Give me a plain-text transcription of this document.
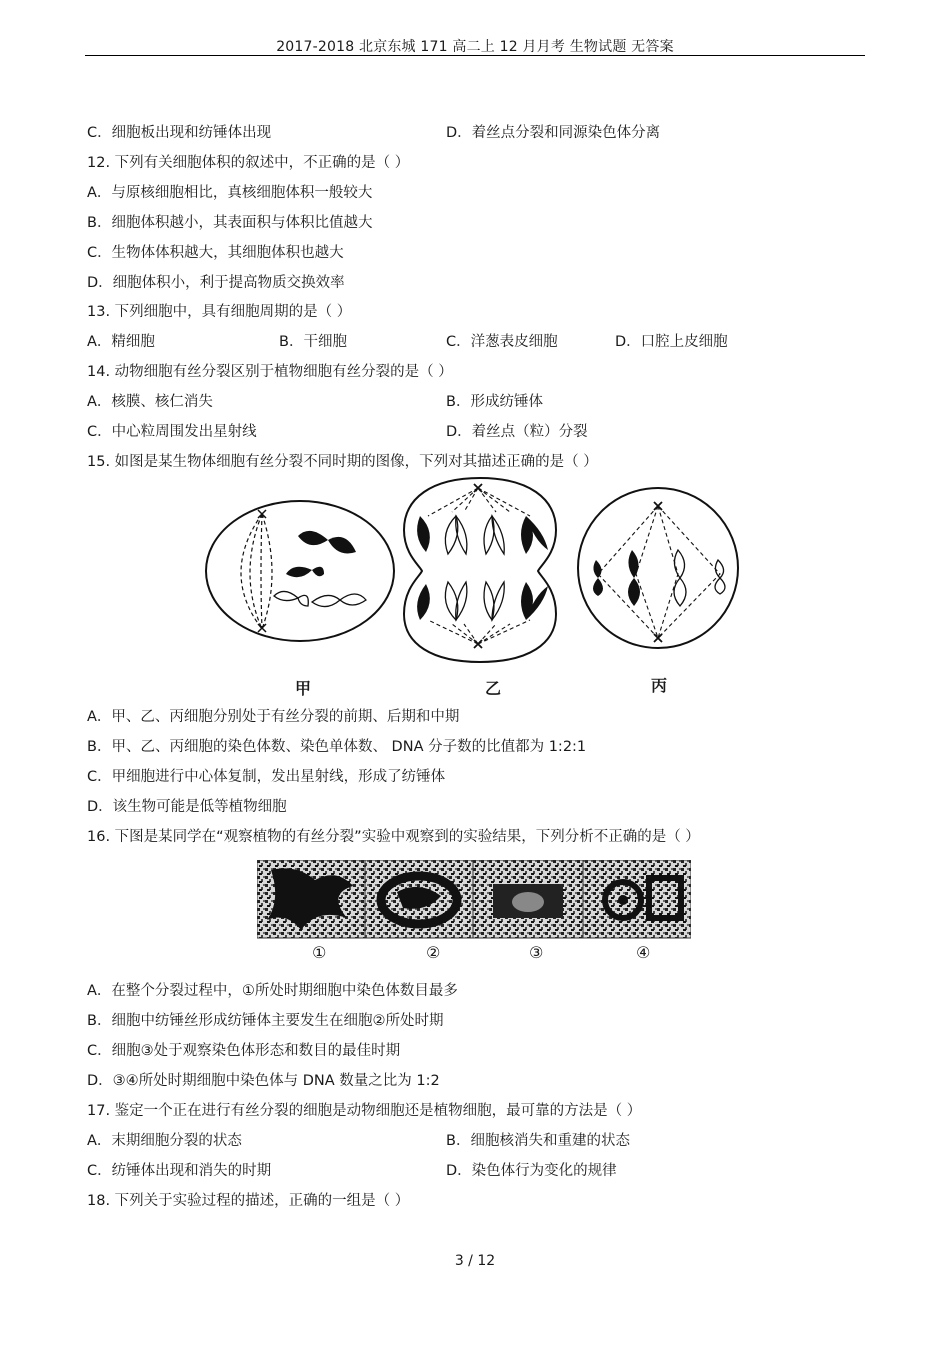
2017-2018 北京东城 171 高二上 12 月月考 生物试题 无答案
C．细胞板出现和纺锤体出现	D．着丝点分裂和同源染色体分离
12. 下列有关细胞体积的叙述中，不正确的是（ ）
A．与原核细胞相比，真核细胞体积一般较大
B．细胞体积越小，其表面积与体积比值越大
C．生物体体积越大，其细胞体积也越大
D．细胞体积小，利于提高物质交换效率
13. 下列细胞中，具有细胞周期的是（ ）
A．精细胞	B．干细胞	C．洋葱表皮细胞	D．口腔上皮细胞
14. 动物细胞有丝分裂区别于植物细胞有丝分裂的是（ ）
A．核膜、核仁消失	B．形成纺锤体
C．中心粒周围发出星射线	D．着丝点（粒）分裂
15. 如图是某生物体细胞有丝分裂不同时期的图像，下列对其描述正确的是（ ）
甲	乙	丙
A．甲、乙、丙细胞分别处于有丝分裂的前期、后期和中期
B．甲、乙、丙细胞的染色体数、染色单体数、 DNA 分子数的比值都为 1:2:1
C．甲细胞进行中心体复制，发出星射线，形成了纺锤体
D．该生物可能是低等植物细胞
16. 下图是某同学在“观察植物的有丝分裂”实验中观察到的实验结果，下列分析不正确的是（ ）
①	②	③	④
A．在整个分裂过程中，①所处时期细胞中染色体数目最多
B．细胞中纺锤丝形成纺锤体主要发生在细胞②所处时期
C．细胞③处于观察染色体形态和数目的最佳时期
D．③④所处时期细胞中染色体与 DNA 数量之比为 1:2
17. 鉴定一个正在进行有丝分裂的细胞是动物细胞还是植物细胞，最可靠的方法是（ ）
A．末期细胞分裂的状态	B．细胞核消失和重建的状态
C．纺锤体出现和消失的时期	D．染色体行为变化的规律
18. 下列关于实验过程的描述，正确的一组是（ ）
3 / 12
